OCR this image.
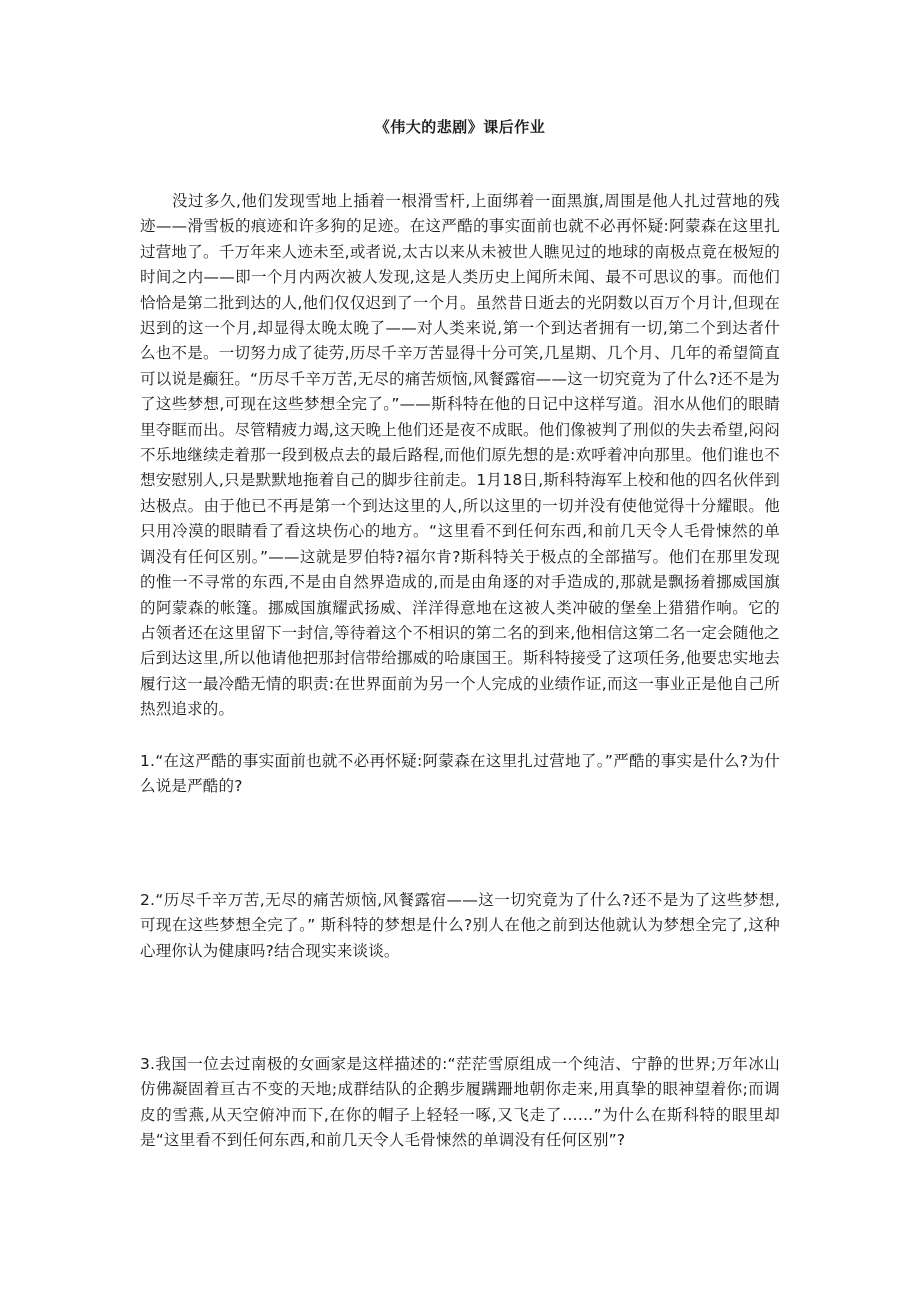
《伟大的悲剧》课后作业

没过多久,他们发现雪地上插着一根滑雪杆,上面绑着一面黑旗,周围是他人扎过营地的残迹——滑雪板的痕迹和许多狗的足迹。在这严酷的事实面前也就不必再怀疑:阿蒙森在这里扎过营地了。千万年来人迹未至,或者说,太古以来从未被世人瞧见过的地球的南极点竟在极短的时间之内——即一个月内两次被人发现,这是人类历史上闻所未闻、最不可思议的事。而他们恰恰是第二批到达的人,他们仅仅迟到了一个月。虽然昔日逝去的光阴数以百万个月计,但现在迟到的这一个月,却显得太晚太晚了——对人类来说,第一个到达者拥有一切,第二个到达者什么也不是。一切努力成了徒劳,历尽千辛万苦显得十分可笑,几星期、几个月、几年的希望简直可以说是癫狂。“历尽千辛万苦,无尽的痛苦烦恼,风餐露宿——这一切究竟为了什么?还不是为了这些梦想,可现在这些梦想全完了。”——斯科特在他的日记中这样写道。泪水从他们的眼睛里夺眶而出。尽管精疲力竭,这天晚上他们还是夜不成眠。他们像被判了刑似的失去希望,闷闷不乐地继续走着那一段到极点去的最后路程,而他们原先想的是:欢呼着冲向那里。他们谁也不想安慰别人,只是默默地拖着自己的脚步往前走。1月18日,斯科特海军上校和他的四名伙伴到达极点。由于他已不再是第一个到达这里的人,所以这里的一切并没有使他觉得十分耀眼。他只用冷漠的眼睛看了看这块伤心的地方。“这里看不到任何东西,和前几天令人毛骨悚然的单调没有任何区别。”——这就是罗伯特?福尔肯?斯科特关于极点的全部描写。他们在那里发现的惟一不寻常的东西,不是由自然界造成的,而是由角逐的对手造成的,那就是飘扬着挪威国旗的阿蒙森的帐篷。挪威国旗耀武扬威、洋洋得意地在这被人类冲破的堡垒上猎猎作响。它的占领者还在这里留下一封信,等待着这个不相识的第二名的到来,他相信这第二名一定会随他之后到达这里,所以他请他把那封信带给挪威的哈康国王。斯科特接受了这项任务,他要忠实地去履行这一最冷酷无情的职责:在世界面前为另一个人完成的业绩作证,而这一事业正是他自己所热烈追求的。

1.“在这严酷的事实面前也就不必再怀疑:阿蒙森在这里扎过营地了。”严酷的事实是什么?为什么说是严酷的?

2.“历尽千辛万苦,无尽的痛苦烦恼,风餐露宿——这一切究竟为了什么?还不是为了这些梦想,可现在这些梦想全完了。” 斯科特的梦想是什么?别人在他之前到达他就认为梦想全完了,这种心理你认为健康吗?结合现实来谈谈。

3.我国一位去过南极的女画家是这样描述的:“茫茫雪原组成一个纯洁、宁静的世界;万年冰山仿佛凝固着亘古不变的天地;成群结队的企鹅步履蹒跚地朝你走来,用真挚的眼神望着你;而调皮的雪燕,从天空俯冲而下,在你的帽子上轻轻一啄,又飞走了……”为什么在斯科特的眼里却是“这里看不到任何东西,和前几天令人毛骨悚然的单调没有任何区别”?
